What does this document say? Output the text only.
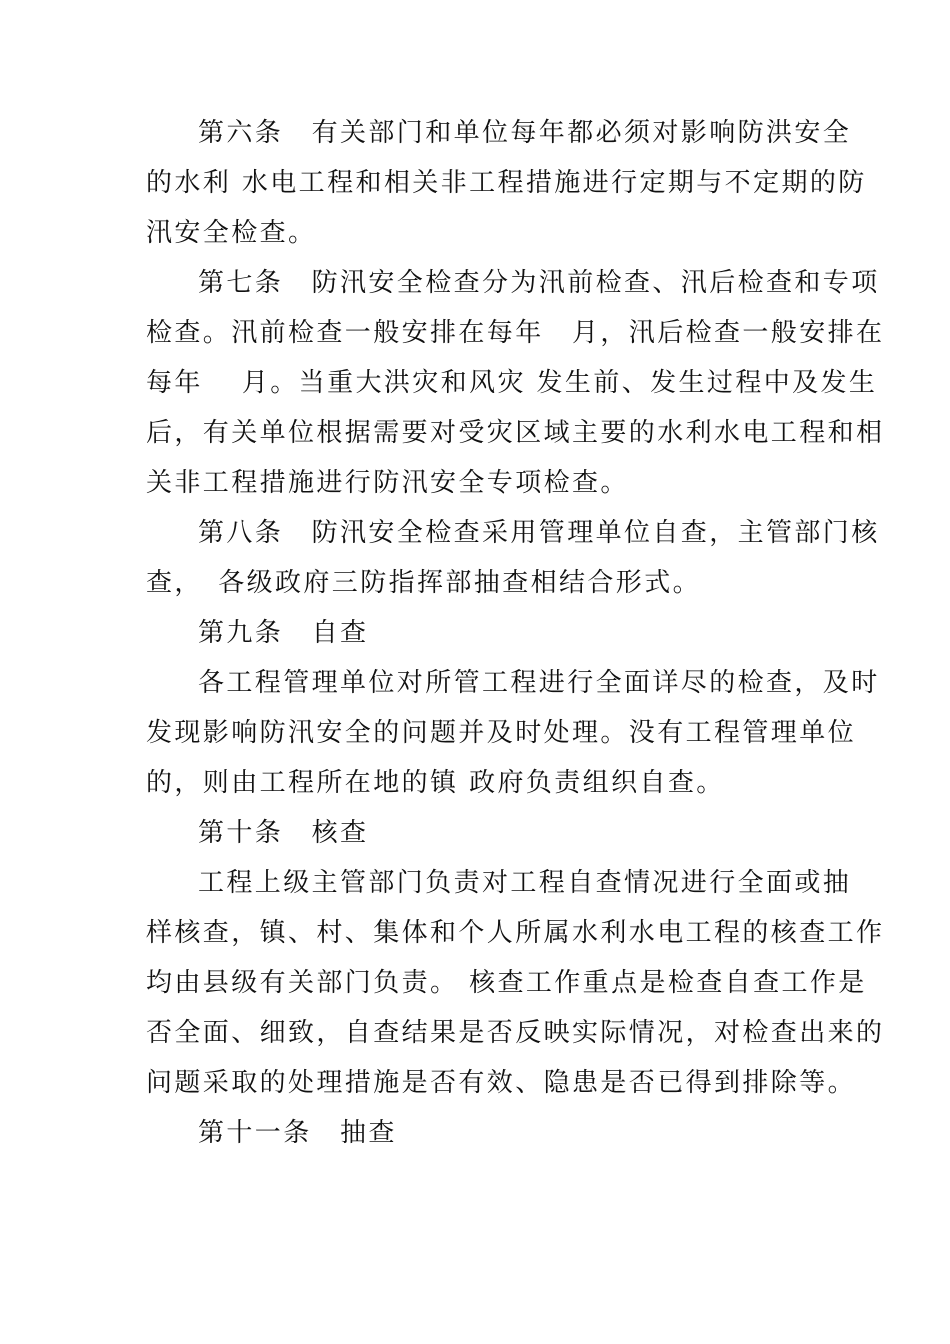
第六条　有关部门和单位每年都必须对影响防洪安全
的水利 水电工程和相关非工程措施进行定期与不定期的防
汛安全检查。
第七条　防汛安全检查分为汛前检查、汛后检查和专项
检查。汛前检查一般安排在每年　月，汛后检查一般安排在
每年　 月。当重大洪灾和风灾 发生前、发生过程中及发生
后，有关单位根据需要对受灾区域主要的水利水电工程和相
关非工程措施进行防汛安全专项检查。
第八条　防汛安全检查采用管理单位自查，主管部门核
查，　各级政府三防指挥部抽查相结合形式。
第九条　自查
各工程管理单位对所管工程进行全面详尽的检查，及时
发现影响防汛安全的问题并及时处理。没有工程管理单位
的，则由工程所在地的镇 政府负责组织自查。
第十条　核查
工程上级主管部门负责对工程自查情况进行全面或抽
样核查，镇、村、集体和个人所属水利水电工程的核查工作
均由县级有关部门负责。 核查工作重点是检查自查工作是
否全面、细致，自查结果是否反映实际情况，对检查出来的
问题采取的处理措施是否有效、隐患是否已得到排除等。
第十一条　抽查
